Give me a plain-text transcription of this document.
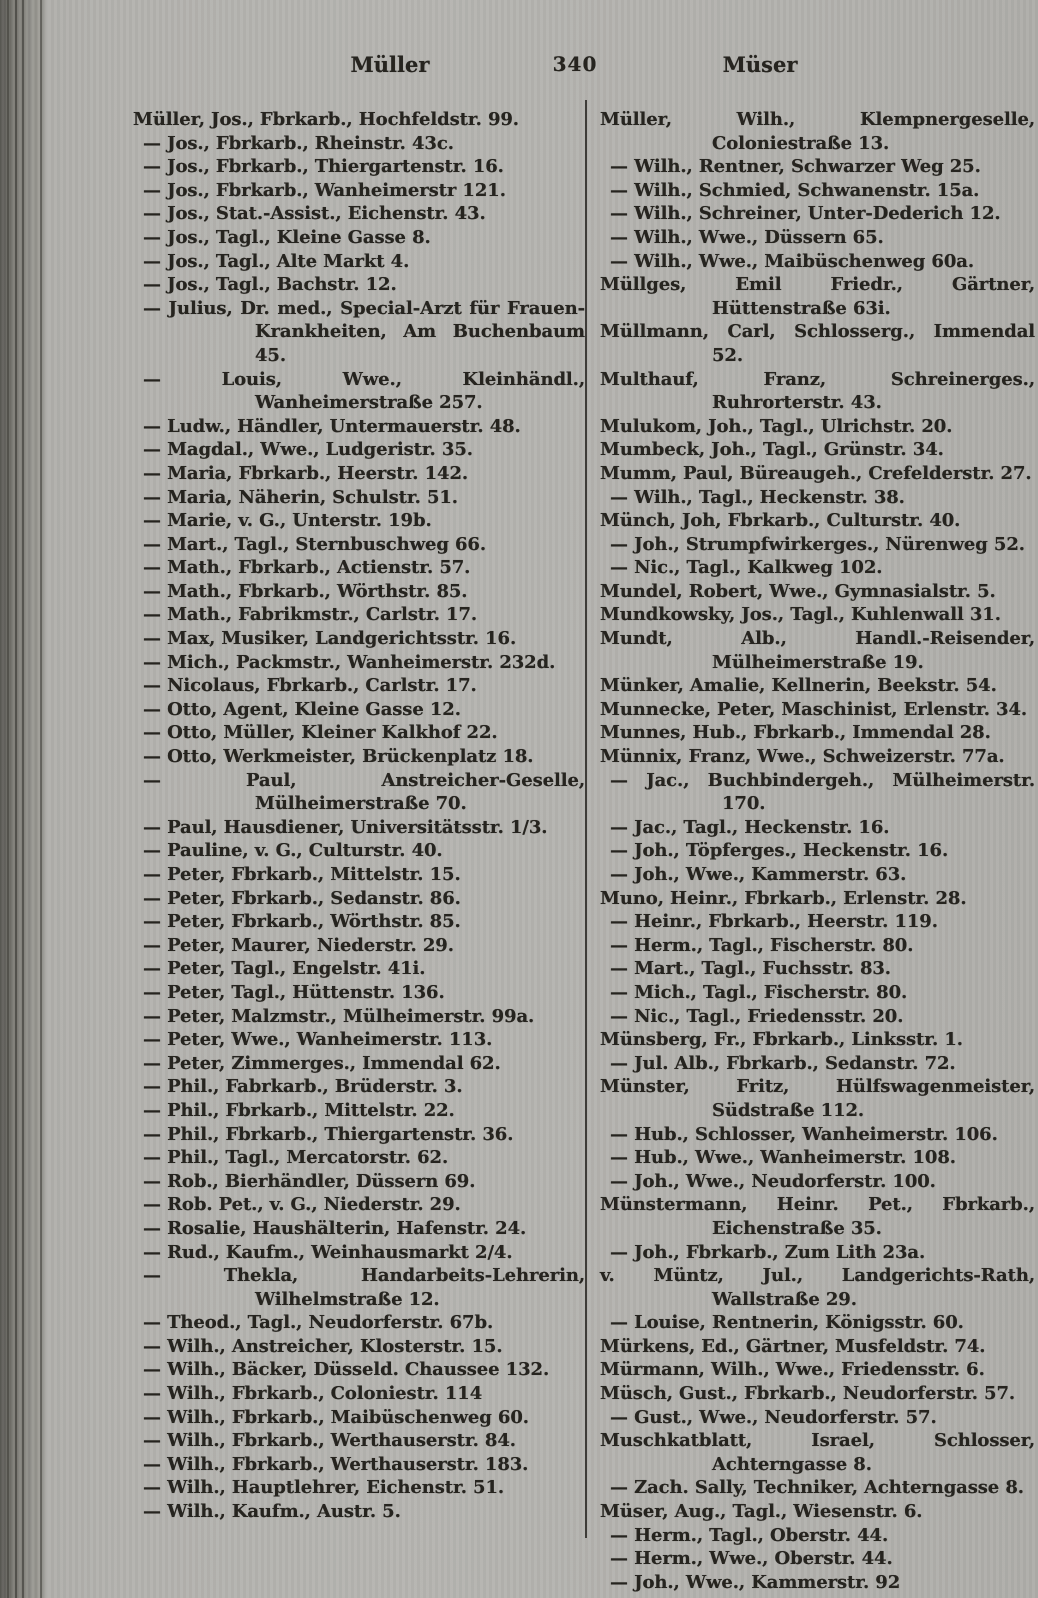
Müller	340	Müser

Müller, Jos., Fbrkarb., Hochfeldstr. 99.

— Jos., Fbrkarb., Rheinstr. 43c.

— Jos., Fbrkarb., Thiergartenstr. 16.

— Jos., Fbrkarb., Wanheimerstr 121.

— Jos., Stat.-Assist., Eichenstr. 43.

— Jos., Tagl., Kleine Gasse 8.

— Jos., Tagl., Alte Markt 4.

— Jos., Tagl., Bachstr. 12.

— Julius, Dr. med., Special-Arzt für Frauen-Krankheiten, Am Buchenbaum 45.

— Louis, Wwe., Kleinhändl., Wanheimerstraße 257.

— Ludw., Händler, Untermauerstr. 48.

— Magdal., Wwe., Ludgeristr. 35.

— Maria, Fbrkarb., Heerstr. 142.

— Maria, Näherin, Schulstr. 51.

— Marie, v. G., Unterstr. 19b.

— Mart., Tagl., Sternbuschweg 66.

— Math., Fbrkarb., Actienstr. 57.

— Math., Fbrkarb., Wörthstr. 85.

— Math., Fabrikmstr., Carlstr. 17.

— Max, Musiker, Landgerichtsstr. 16.

— Mich., Packmstr., Wanheimerstr. 232d.

— Nicolaus, Fbrkarb., Carlstr. 17.

— Otto, Agent, Kleine Gasse 12.

— Otto, Müller, Kleiner Kalkhof 22.

— Otto, Werkmeister, Brückenplatz 18.

— Paul, Anstreicher-Geselle, Mülheimerstraße 70.

— Paul, Hausdiener, Universitätsstr. 1/3.

— Pauline, v. G., Culturstr. 40.

— Peter, Fbrkarb., Mittelstr. 15.

— Peter, Fbrkarb., Sedanstr. 86.

— Peter, Fbrkarb., Wörthstr. 85.

— Peter, Maurer, Niederstr. 29.

— Peter, Tagl., Engelstr. 41i.

— Peter, Tagl., Hüttenstr. 136.

— Peter, Malzmstr., Mülheimerstr. 99a.

— Peter, Wwe., Wanheimerstr. 113.

— Peter, Zimmerges., Immendal 62.

— Phil., Fabrkarb., Brüderstr. 3.

— Phil., Fbrkarb., Mittelstr. 22.

— Phil., Fbrkarb., Thiergartenstr. 36.

— Phil., Tagl., Mercatorstr. 62.

— Rob., Bierhändler, Düssern 69.

— Rob. Pet., v. G., Niederstr. 29.

— Rosalie, Haushälterin, Hafenstr. 24.

— Rud., Kaufm., Weinhausmarkt 2/4.

— Thekla, Handarbeits-Lehrerin, Wilhelmstraße 12.

— Theod., Tagl., Neudorferstr. 67b.

— Wilh., Anstreicher, Klosterstr. 15.

— Wilh., Bäcker, Düsseld. Chaussee 132.

— Wilh., Fbrkarb., Coloniestr. 114

— Wilh., Fbrkarb., Maibüschenweg 60.

— Wilh., Fbrkarb., Werthauserstr. 84.

— Wilh., Fbrkarb., Werthauserstr. 183.

— Wilh., Hauptlehrer, Eichenstr. 51.

— Wilh., Kaufm., Austr. 5.

Müller, Wilh., Klempnergeselle, Coloniestraße 13.

— Wilh., Rentner, Schwarzer Weg 25.

— Wilh., Schmied, Schwanenstr. 15a.

— Wilh., Schreiner, Unter-Dederich 12.

— Wilh., Wwe., Düssern 65.

— Wilh., Wwe., Maibüschenweg 60a.

Müllges, Emil Friedr., Gärtner, Hüttenstraße 63i.

Müllmann, Carl, Schlosserg., Immendal 52.

Multhauf, Franz, Schreinerges., Ruhrorterstr. 43.

Mulukom, Joh., Tagl., Ulrichstr. 20.

Mumbeck, Joh., Tagl., Grünstr. 34.

Mumm, Paul, Büreaugeh., Crefelderstr. 27.

— Wilh., Tagl., Heckenstr. 38.

Münch, Joh, Fbrkarb., Culturstr. 40.

— Joh., Strumpfwirkerges., Nürenweg 52.

— Nic., Tagl., Kalkweg 102.

Mundel, Robert, Wwe., Gymnasialstr. 5.

Mundkowsky, Jos., Tagl., Kuhlenwall 31.

Mundt, Alb., Handl.-Reisender, Mülheimerstraße 19.

Münker, Amalie, Kellnerin, Beekstr. 54.

Munnecke, Peter, Maschinist, Erlenstr. 34.

Munnes, Hub., Fbrkarb., Immendal 28.

Münnix, Franz, Wwe., Schweizerstr. 77a.

— Jac., Buchbindergeh., Mülheimerstr. 170.

— Jac., Tagl., Heckenstr. 16.

— Joh., Töpferges., Heckenstr. 16.

— Joh., Wwe., Kammerstr. 63.

Muno, Heinr., Fbrkarb., Erlenstr. 28.

— Heinr., Fbrkarb., Heerstr. 119.

— Herm., Tagl., Fischerstr. 80.

— Mart., Tagl., Fuchsstr. 83.

— Mich., Tagl., Fischerstr. 80.

— Nic., Tagl., Friedensstr. 20.

Münsberg, Fr., Fbrkarb., Linksstr. 1.

— Jul. Alb., Fbrkarb., Sedanstr. 72.

Münster, Fritz, Hülfswagenmeister, Südstraße 112.

— Hub., Schlosser, Wanheimerstr. 106.

— Hub., Wwe., Wanheimerstr. 108.

— Joh., Wwe., Neudorferstr. 100.

Münstermann, Heinr. Pet., Fbrkarb., Eichenstraße 35.

— Joh., Fbrkarb., Zum Lith 23a.

v. Müntz, Jul., Landgerichts-Rath, Wallstraße 29.

— Louise, Rentnerin, Königsstr. 60.

Mürkens, Ed., Gärtner, Musfeldstr. 74.

Mürmann, Wilh., Wwe., Friedensstr. 6.

Müsch, Gust., Fbrkarb., Neudorferstr. 57.

— Gust., Wwe., Neudorferstr. 57.

Muschkatblatt, Israel, Schlosser, Achterngasse 8.

— Zach. Sally, Techniker, Achterngasse 8.

Müser, Aug., Tagl., Wiesenstr. 6.

— Herm., Tagl., Oberstr. 44.

— Herm., Wwe., Oberstr. 44.

— Joh., Wwe., Kammerstr. 92
